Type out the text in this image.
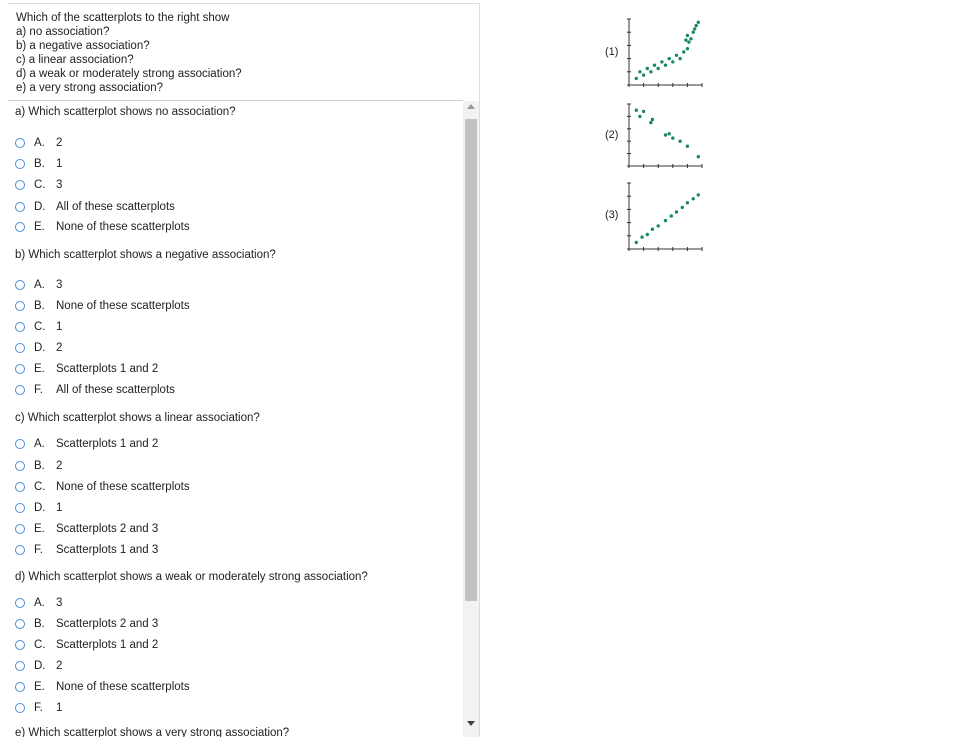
Which of the scatterplots to the right show
a) no association?
b) a negative association?
c) a linear association?
d) a weak or moderately strong association?
e) a very strong association?
a) Which scatterplot shows no association?
A. 2
B. 1
C. 3
D. All of these scatterplots
E. None of these scatterplots
b) Which scatterplot shows a negative association?
A. 3
B. None of these scatterplots
C. 1
D. 2
E. Scatterplots 1 and 2
F.	All of these scatterplots
c) Which scatterplot shows a linear association?
A. Scatterplots 1 and 2
B. 2
C. None of these scatterplots
D. 1
E. Scatterplots 2 and 3
F.	Scatterplots 1 and 3
d) Which scatterplot shows a weak or moderately strong association?
A. 3
B. Scatterplots 2 and 3
C. Scatterplots 1 and 2
D. 2
E. None of these scatterplots
F.	1
e) Which scatterplot shows a very strong association?
(1)
(2)
(3)
